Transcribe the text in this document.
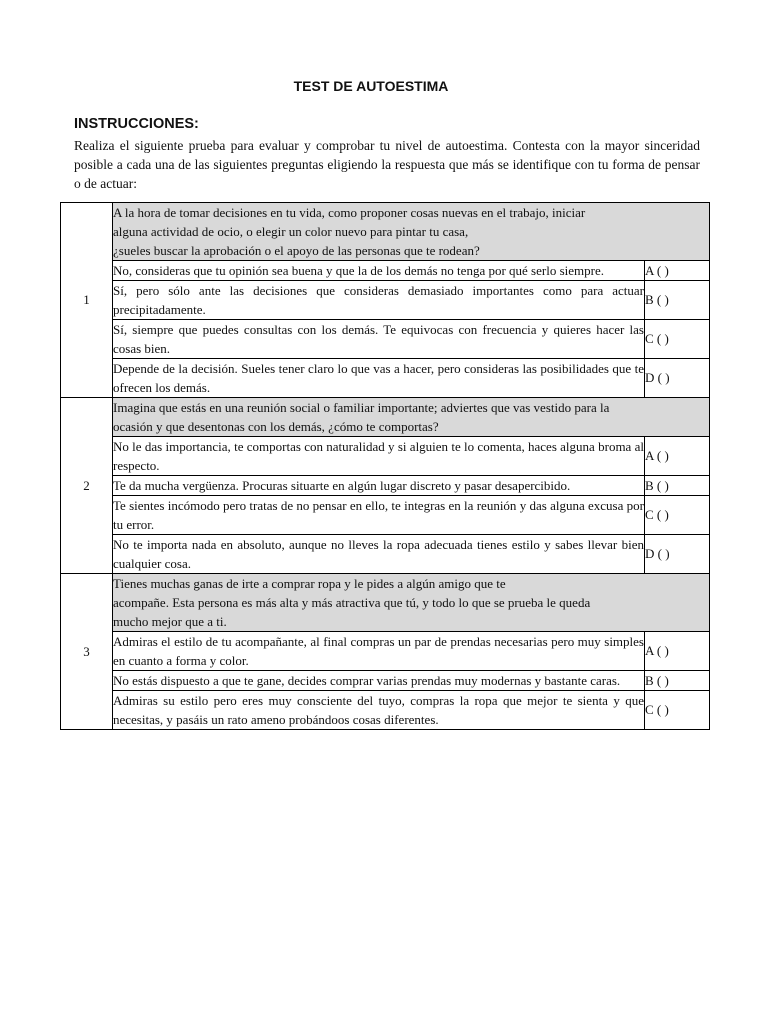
TEST DE AUTOESTIMA
INSTRUCCIONES:
Realiza el siguiente prueba para evaluar y comprobar tu nivel de autoestima. Contesta con la mayor sinceridad posible a cada una de las siguientes preguntas eligiendo la respuesta que más se identifique con tu forma de pensar o de actuar:
1	A la hora de tomar decisiones en tu vida, como proponer cosas nuevas en el trabajo, iniciar
alguna actividad de ocio, o elegir un color nuevo para pintar tu casa,
¿sueles buscar la aprobación o el apoyo de las personas que te rodean?	

	No, consideras que tu opinión sea buena y que la de los demás no tenga por qué serlo siempre.	A ( )
	Sí, pero sólo ante las decisiones que consideras demasiado importantes como para actuar precipitadamente.	B ( )
	Sí, siempre que puedes consultas con los demás. Te equivocas con frecuencia y quieres hacer las cosas bien.	C ( )
	Depende de la decisión. Sueles tener claro lo que vas a hacer, pero consideras las posibilidades que te ofrecen los demás.	D ( )
2	Imagina que estás en una reunión social o familiar importante; adviertes que vas vestido para la
ocasión y que desentonas con los demás, ¿cómo te comportas?	

	No le das importancia, te comportas con naturalidad y si alguien te lo comenta, haces alguna broma al respecto.	A ( )
	Te da mucha vergüenza. Procuras situarte en algún lugar discreto y pasar desapercibido.	B ( )
	Te sientes incómodo pero tratas de no pensar en ello, te integras en la reunión y das alguna excusa por tu error.	C ( )
	No te importa nada en absoluto, aunque no lleves la ropa adecuada tienes estilo y sabes llevar bien cualquier cosa.	D ( )
3	Tienes muchas ganas de irte a comprar ropa y le pides a algún amigo que te
acompañe. Esta persona es más alta y más atractiva que tú, y todo lo que se prueba le queda
mucho mejor que a ti.	

	Admiras el estilo de tu acompañante, al final compras un par de prendas necesarias pero muy simples en cuanto a forma y color.	A ( )
	No estás dispuesto a que te gane, decides comprar varias prendas muy modernas y bastante caras.	B ( )
	Admiras su estilo pero eres muy consciente del tuyo, compras la ropa que mejor te sienta y que necesitas, y pasáis un rato ameno probándoos cosas diferentes.	C ( )
